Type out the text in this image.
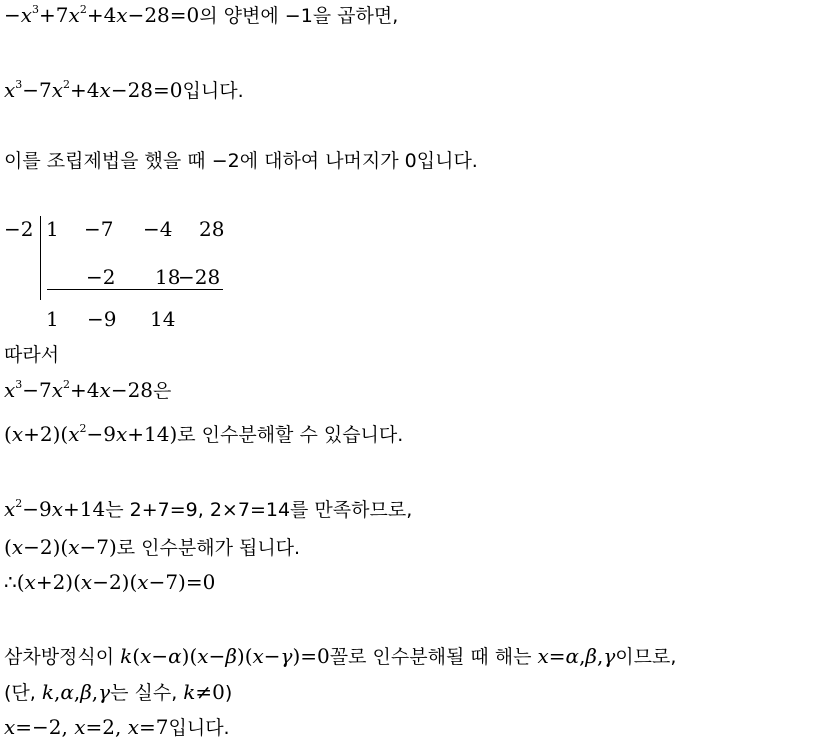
$-x^3+7x^2+4x-28=0$의 양변에 −1을 곱하면,
$x^3-7x^2+4x-28=0$입니다.
이를 조립제법을 했을 때 −2에 대하여 나머지가 0입니다.
−2 1 −7 −4 28
−2 18
−28
1 −9 14
따라서
$x^3-7x^2+4x-28$은
$(x+2)(x^2-9x+14)$로 인수분해할 수 있습니다.
$x^2-9x+14$는 2+7=9, 2×7=14를 만족하므로,
(x−2)(x−7)로 인수분해가 됩니다.
∴(x+2)(x−2)(x−7)=0
삼차방정식이 k(x−α)(x−β)(x−γ)=0꼴로 인수분해될 때 해는 x=α,β,γ이므로,
(단, k,α,β,γ는 실수, k≠0)
x=−2, x=2, x=7입니다.
